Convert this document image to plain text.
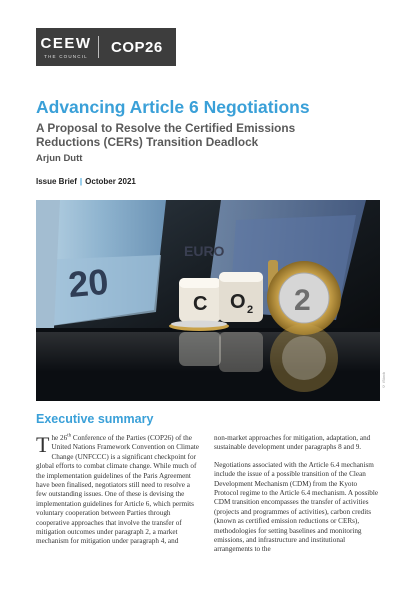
CEEW
THE COUNCIL
COP26
Advancing Article 6 Negotiations
A Proposal to Resolve the Certified Emissions Reductions (CERs) Transition Deadlock
Arjun Dutt
Issue Brief | October 2021
20
EURO
C O 2 2
© iStock
Executive summary

The 26th Conference of the Parties (COP26) of the United Nations Framework Convention on Climate Change (UNFCCC) is a significant checkpoint for global efforts to combat climate change. While much of the implementation guidelines of the Paris Agreement have been finalised, negotiators still need to resolve a few outstanding issues. One of these is devising the implementation guidelines for Article 6, which permits voluntary cooperation between Parties through cooperative approaches that involve the transfer of mitigation outcomes under paragraph 2, a market mechanism for mitigation under paragraph 4, and

non-market approaches for mitigation, adaptation, and sustainable development under paragraphs 8 and 9.

Negotiations associated with the Article 6.4 mechanism include the issue of a possible transition of the Clean Development Mechanism (CDM) from the Kyoto Protocol regime to the Article 6.4 mechanism. A possible CDM transition encompasses the transfer of activities (projects and programmes of activities), carbon credits (known as certified emission reductions or CERs), methodologies for setting baselines and monitoring emissions, and infrastructure and institutional arrangements to the
